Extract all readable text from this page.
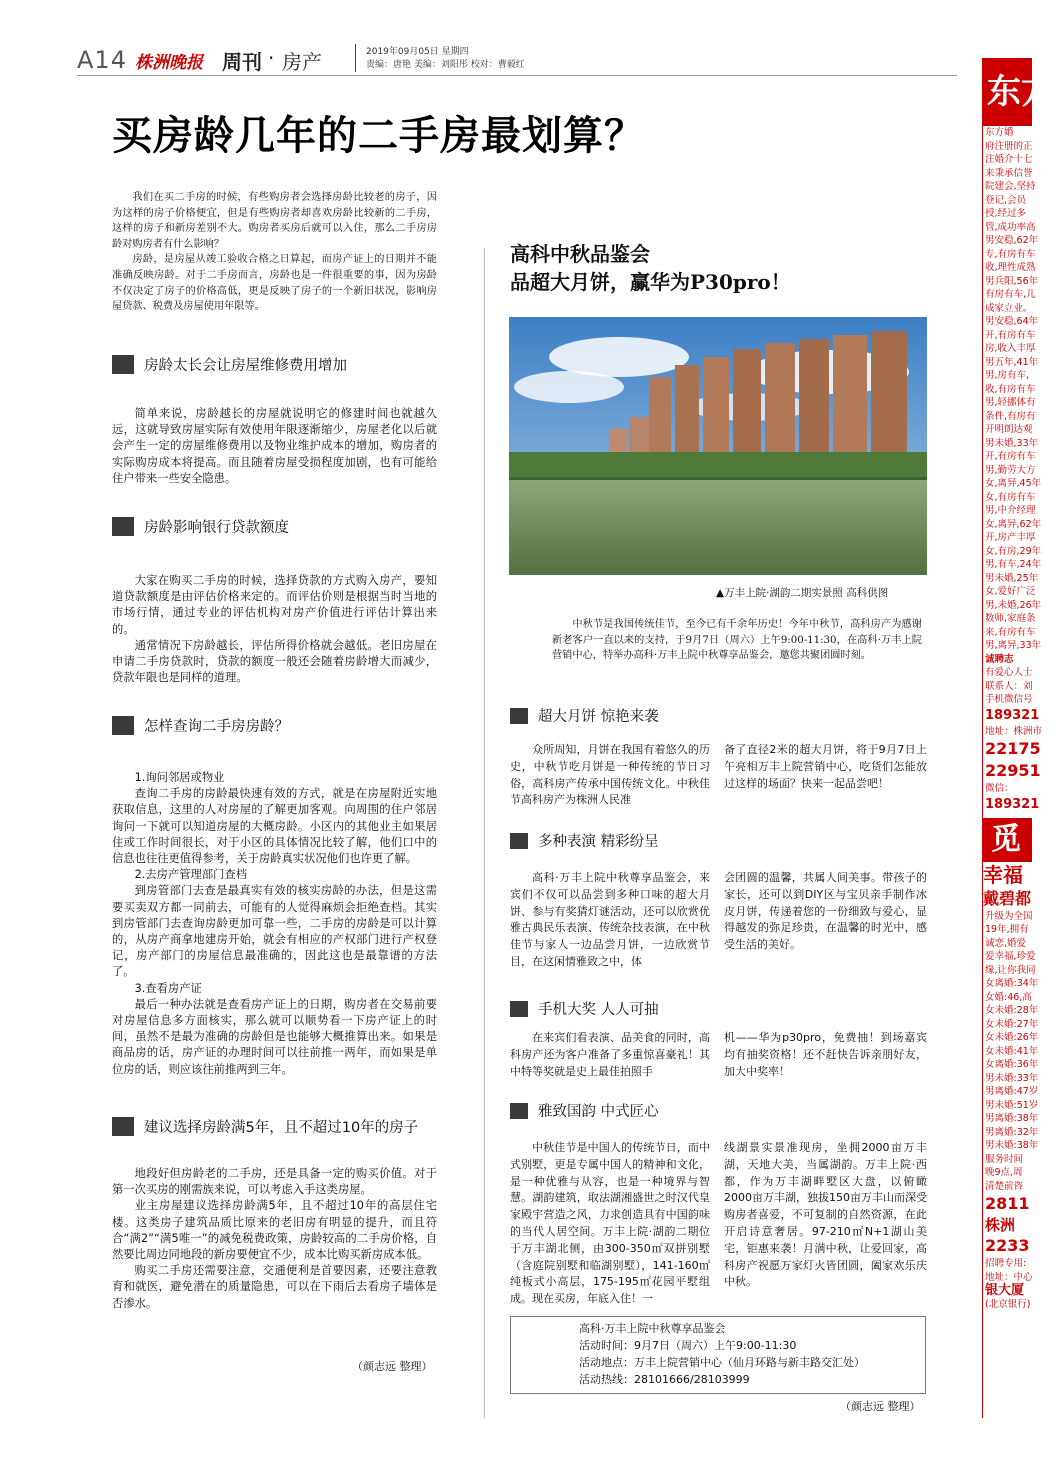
A14 株洲晚报 周刊 · 房产	2019年09月05日 星期四
责编：唐艳 美编：刘阳彤 校对：曹毅红
买房龄几年的二手房最划算？

我们在买二手房的时候，有些购房者会选择房龄比较老的房子，因为这样的房子价格便宜，但是有些购房者却喜欢房龄比较新的二手房，这样的房子和新房差别不大。购房者买房后就可以入住，那么二手房房龄对购房者有什么影响？

房龄，是房屋从竣工验收合格之日算起，而房产证上的日期并不能准确反映房龄。对于二手房而言，房龄也是一件很重要的事，因为房龄不仅决定了房子的价格高低，更是反映了房子的一个新旧状况，影响房屋贷款、税费及房屋使用年限等。

房龄太长会让房屋维修费用增加

简单来说，房龄越长的房屋就说明它的修建时间也就越久远，这就导致房屋实际有效使用年限逐渐缩少，房屋老化以后就会产生一定的房屋维修费用以及物业维护成本的增加，购房者的实际购房成本将提高。而且随着房屋受损程度加剧，也有可能给住户带来一些安全隐患。

房龄影响银行贷款额度

大家在购买二手房的时候，选择贷款的方式购入房产，要知道贷款额度是由评估价格来定的。而评估价则是根据当时当地的市场行情，通过专业的评估机构对房产价值进行评估计算出来的。

通常情况下房龄越长，评估所得价格就会越低。老旧房屋在申请二手房贷款时，贷款的额度一般还会随着房龄增大而减少，贷款年限也是同样的道理。

怎样查询二手房房龄？

1.询问邻居或物业

查询二手房的房龄最快速有效的方式，就是在房屋附近实地获取信息，这里的人对房屋的了解更加客观。向周围的住户邻居询问一下就可以知道房屋的大概房龄。小区内的其他业主如果居住或工作时间很长，对于小区的具体情况比较了解，他们口中的信息也往往更值得参考，关于房龄真实状况他们也许更了解。

2.去房产管理部门查档

到房管部门去查是最真实有效的核实房龄的办法，但是这需要买卖双方都一同前去，可能有的人觉得麻烦会拒绝查档。其实到房管部门去查询房龄更加可靠一些，二手房的房龄是可以计算的，从房产商拿地建房开始，就会有相应的产权部门进行产权登记，房产部门的房屋信息最准确的，因此这也是最靠谱的方法了。

3.查看房产证

最后一种办法就是查看房产证上的日期，购房者在交易前要对房屋信息多方面核实，那么就可以顺势看一下房产证上的时间，虽然不是最为准确的房龄但是也能够大概推算出来。如果是商品房的话，房产证的办理时间可以往前推一两年，而如果是单位房的话，则应该往前推两到三年。

建议选择房龄满5年，且不超过10年的房子

地段好但房龄老的二手房，还是具备一定的购买价值。对于第一次买房的刚需族来说，可以考虑入手这类房屋。

业主房屋建议选择房龄满5年，且不超过10年的高层住宅楼。这类房子建筑品质比原来的老旧房有明显的提升，而且符合“满2”“满5唯一”的减免税费政策，房龄较高的二手房价格，自然要比周边同地段的新房要便宜不少，成本比购买新房成本低。

购买二手房还需要注意，交通便利是首要因素，还要注意教育和就医，避免潜在的质量隐患，可以在下雨后去看房子墙体是否渗水。

（颜志远 整理）
高科中秋品鉴会
品超大月饼，赢华为P30pro！
▲万丰上院·湖韵二期实景照 高科供图

中秋节是我国传统佳节，至今已有千余年历史！今年中秋节，高科房产为感谢新老客户一直以来的支持，于9月7日（周六）上午9:00-11:30，在高科·万丰上院营销中心，特举办高科·万丰上院中秋尊享品鉴会，邀您共聚团圆时刻。

超大月饼 惊艳来袭

众所周知，月饼在我国有着悠久的历史，中秋节吃月饼是一种传统的节日习俗，高科房产传承中国传统文化。中秋佳节高科房产为株洲人民准

备了直径2米的超大月饼，将于9月7日上午亮相万丰上院营销中心，吃货们怎能放过这样的场面？快来一起品尝吧！

多种表演 精彩纷呈

高科·万丰上院中秋尊享品鉴会，来宾们不仅可以品尝到多种口味的超大月饼、参与有奖猜灯谜活动，还可以欣赏优雅古典民乐表演、传统杂技表演，在中秋佳节与家人一边品尝月饼，一边欣赏节目，在这闲情雅致之中，体

会团圆的温馨，共属人间美事。带孩子的家长，还可以到DIY区与宝贝亲手制作冰皮月饼，传递着您的一份细致与爱心，显得越发的弥足珍贵，在温馨的时光中，感受生活的美好。

手机大奖 人人可抽

在来宾们看表演、品美食的同时，高科房产还为客户准备了多重惊喜豪礼！其中特等奖就是史上最佳拍照手

机——华为p30pro，免费抽！到场嘉宾均有抽奖资格！还不赶快告诉亲朋好友，加大中奖率！

雅致国韵 中式匠心

中秋佳节是中国人的传统节日，而中式别墅，更是专属中国人的精神和文化，是一种优雅与从容，也是一种境界与智慧。湖韵建筑，取法湖湘盛世之时汉代皇家殿宇营造之风，力求创造具有中国韵味的当代人居空间。万丰上院·湖韵二期位于万丰湖北侧，由300-350㎡双拼别墅（含庭院别墅和临湖别墅），141-160㎡纯板式小高层，175-195㎡花园平墅组成。现在买房，年底入住！一

线湖景实景准现房，坐拥2000亩万丰湖，天地大美，当属湖韵。万丰上院·西都，作为万丰湖畔墅区大盘，以俯瞰2000亩万丰湖，独拔150亩万丰山而深受购房者喜爱，不可复制的自然资源，在此开启诗意奢居。97-210㎡N+1湖山美宅，钜惠来袭！月满中秋，让爱回家，高科房产祝愿万家灯火皆团圆，阖家欢乐庆中秋。

高科·万丰上院中秋尊享品鉴会
活动时间：9月7日（周六）上午9:00-11:30
活动地点：万丰上院营销中心（仙月环路与新丰路交汇处）
活动热线：28101666/28103999
（颜志远 整理）
东方
东方婚
府注册的正
注婚介十七
来秉承信誉
院建会,坚持
登记,会员
授,经过多
管,成功率高
男安稳,62年
专,有房有车
收,理性成熟
男兵阳,56年
有房有车,儿
成家立业。
男安稳,64年
开,有房有车
房,收入丰厚
男五年,41年
男,房有车,
收,有房有车
男,轻挪体有
条件,有房有
开明朗达观
男未婚,33年
开,有房有车
男,勤劳大方
女,离异,45年
女,有房有车
男,中介经理
女,离异,62年
开,房产丰厚
女,有房,29年
男,有车,24年
男未婚,25年
女,爱好广泛
男,未婚,26年
数师,家庭条
来,有房有车
男,离异,33年
诚聘志
有爱心人士
联系人：刘
手机微信号
189321
地址：株洲市
22175
22951
微信：
189321
觅
幸福
戴碧都
升级为全国
19年,拥有
诚恋,婚爱
爱幸福,珍爱
缘,让你我同
女离婚:34年
女婚:46,高
女未婚:28年
女未婚:27年
女未婚:26年
女未婚:41年
女离婚:36年
男未婚:33年
男离婚:47岁
男未婚:51岁
男离婚:38年
男离婚:32年
男未婚:38年
服务时间
晚9点,周
清楚前咨
2811
株洲
2233
招聘专用:
地址：中心
银大厦
(北京银行)
